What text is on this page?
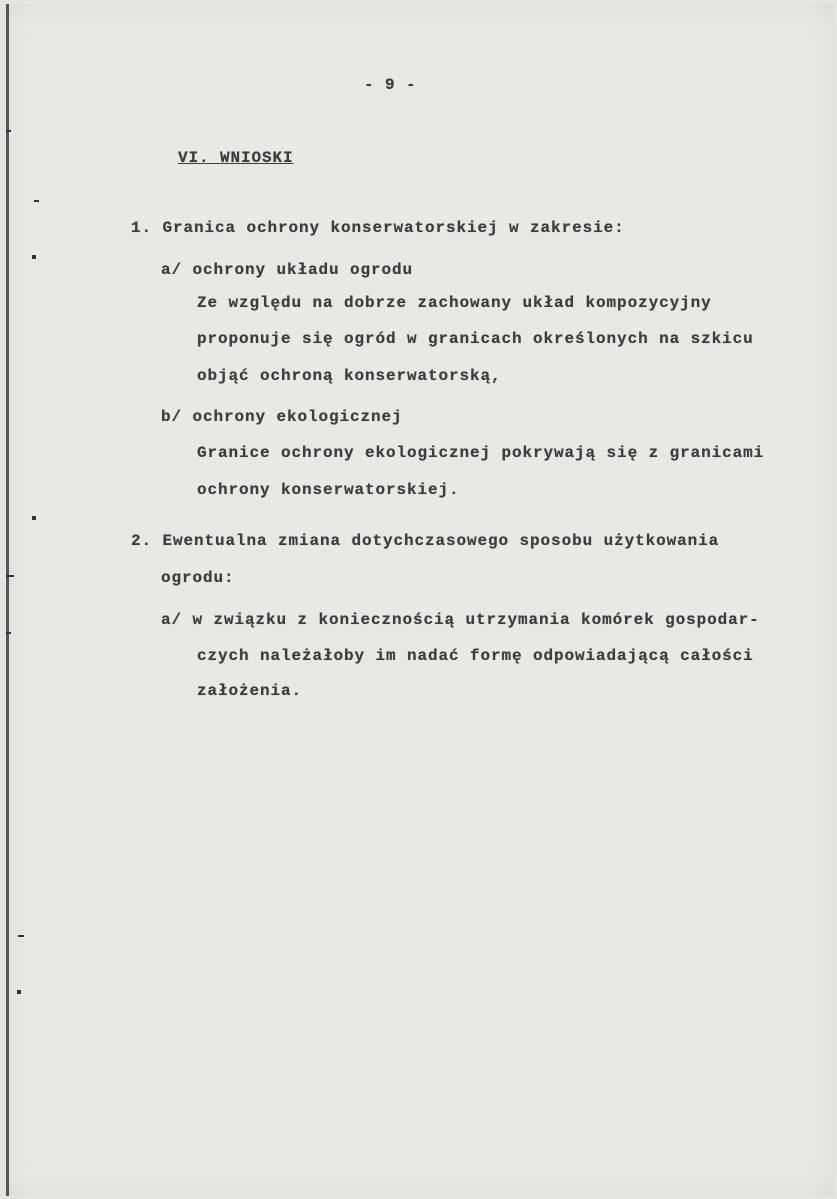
- 9 -
VI. WNIOSKI
1. Granica ochrony konserwatorskiej w zakresie:
a/ ochrony układu ogrodu
Ze względu na dobrze zachowany układ kompozycyjny
proponuje się ogród w granicach określonych na szkicu
objąć ochroną konserwatorską,
b/ ochrony ekologicznej
Granice ochrony ekologicznej pokrywają się z granicami
ochrony konserwatorskiej.
2. Ewentualna zmiana dotychczasowego sposobu użytkowania
ogrodu:
a/ w związku z koniecznością utrzymania komórek gospodar-
czych należałoby im nadać formę odpowiadającą całości
założenia.
